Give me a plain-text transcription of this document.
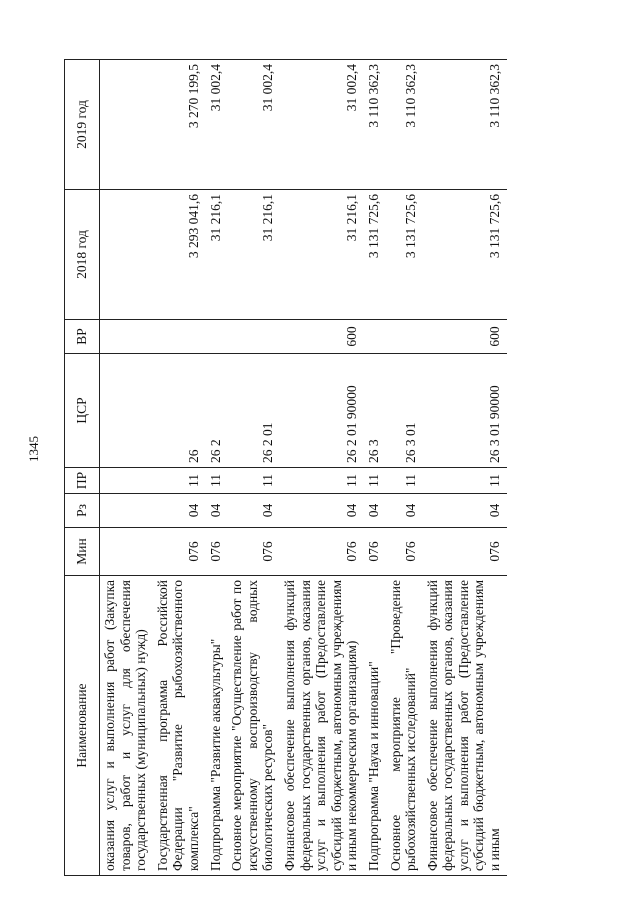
1345
Наименование	Мин	Рз	ПР	ЦСР	ВР	2018 год	2019 год
оказания услуг и выполнения работ (Закупка товаров, работ и услуг для обеспечения государственных (муниципальных) нужд)							
Государственная программа Российской Федерации "Развитие рыбохозяйственного комплекса"	076	04	11	26		3 293 041,6	3 270 199,5
Подпрограмма "Развитие аквакультуры"	076	04	11	26 2		31 216,1	31 002,4
Основное мероприятие "Осуществление работ по искусственному воспроизводству водных биологических ресурсов"	076	04	11	26 2 01		31 216,1	31 002,4
Финансовое обеспечение выполнения функций федеральных государственных органов, оказания услуг и выполнения работ (Предоставление субсидий бюджетным, автономным учреждениям и иным некоммерческим организациям)	076	04	11	26 2 01 90000	600	31 216,1	31 002,4
Подпрограмма "Наука и инновации"	076	04	11	26 3		3 131 725,6	3 110 362,3
Основное мероприятие "Проведение рыбохозяйственных исследований"	076	04	11	26 3 01		3 131 725,6	3 110 362,3
Финансовое обеспечение выполнения функций федеральных государственных органов, оказания услуг и выполнения работ (Предоставление субсидий бюджетным, автономным учреждениям и иным	076	04	11	26 3 01 90000	600	3 131 725,6	3 110 362,3
